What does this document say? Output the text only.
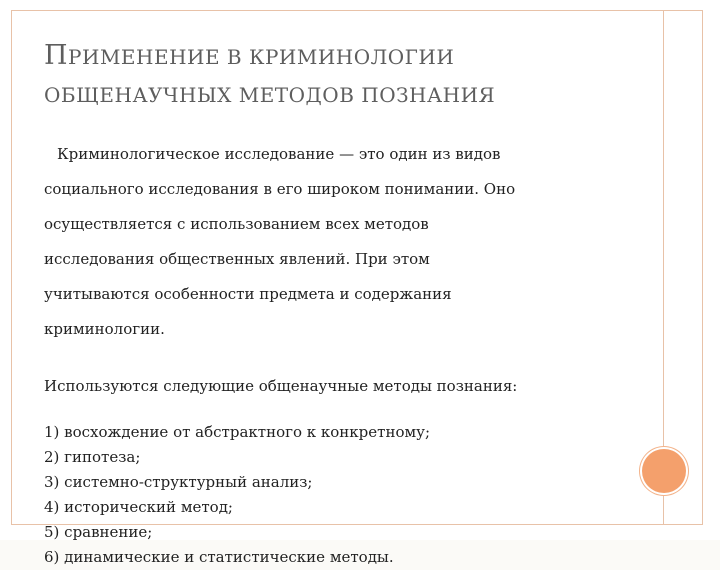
ПРИМЕНЕНИЕ В КРИМИНОЛОГИИ
ОБЩЕНАУЧНЫХ МЕТОДОВ ПОЗНАНИЯ

Криминологическое исследование — это один из видов

социального исследования в его широком понимании. Оно

осуществляется с использованием всех методов

исследования общественных явлений. При этом

учитываются особенности предмета и содержания

криминологии.

Используются следующие общенаучные методы познания:
1) восхождение от абстрактного к конкретному;
2) гипотеза;
3) системно-структурный анализ;
4) исторический метод;
5) сравнение;
6) динамические и статистические методы.
